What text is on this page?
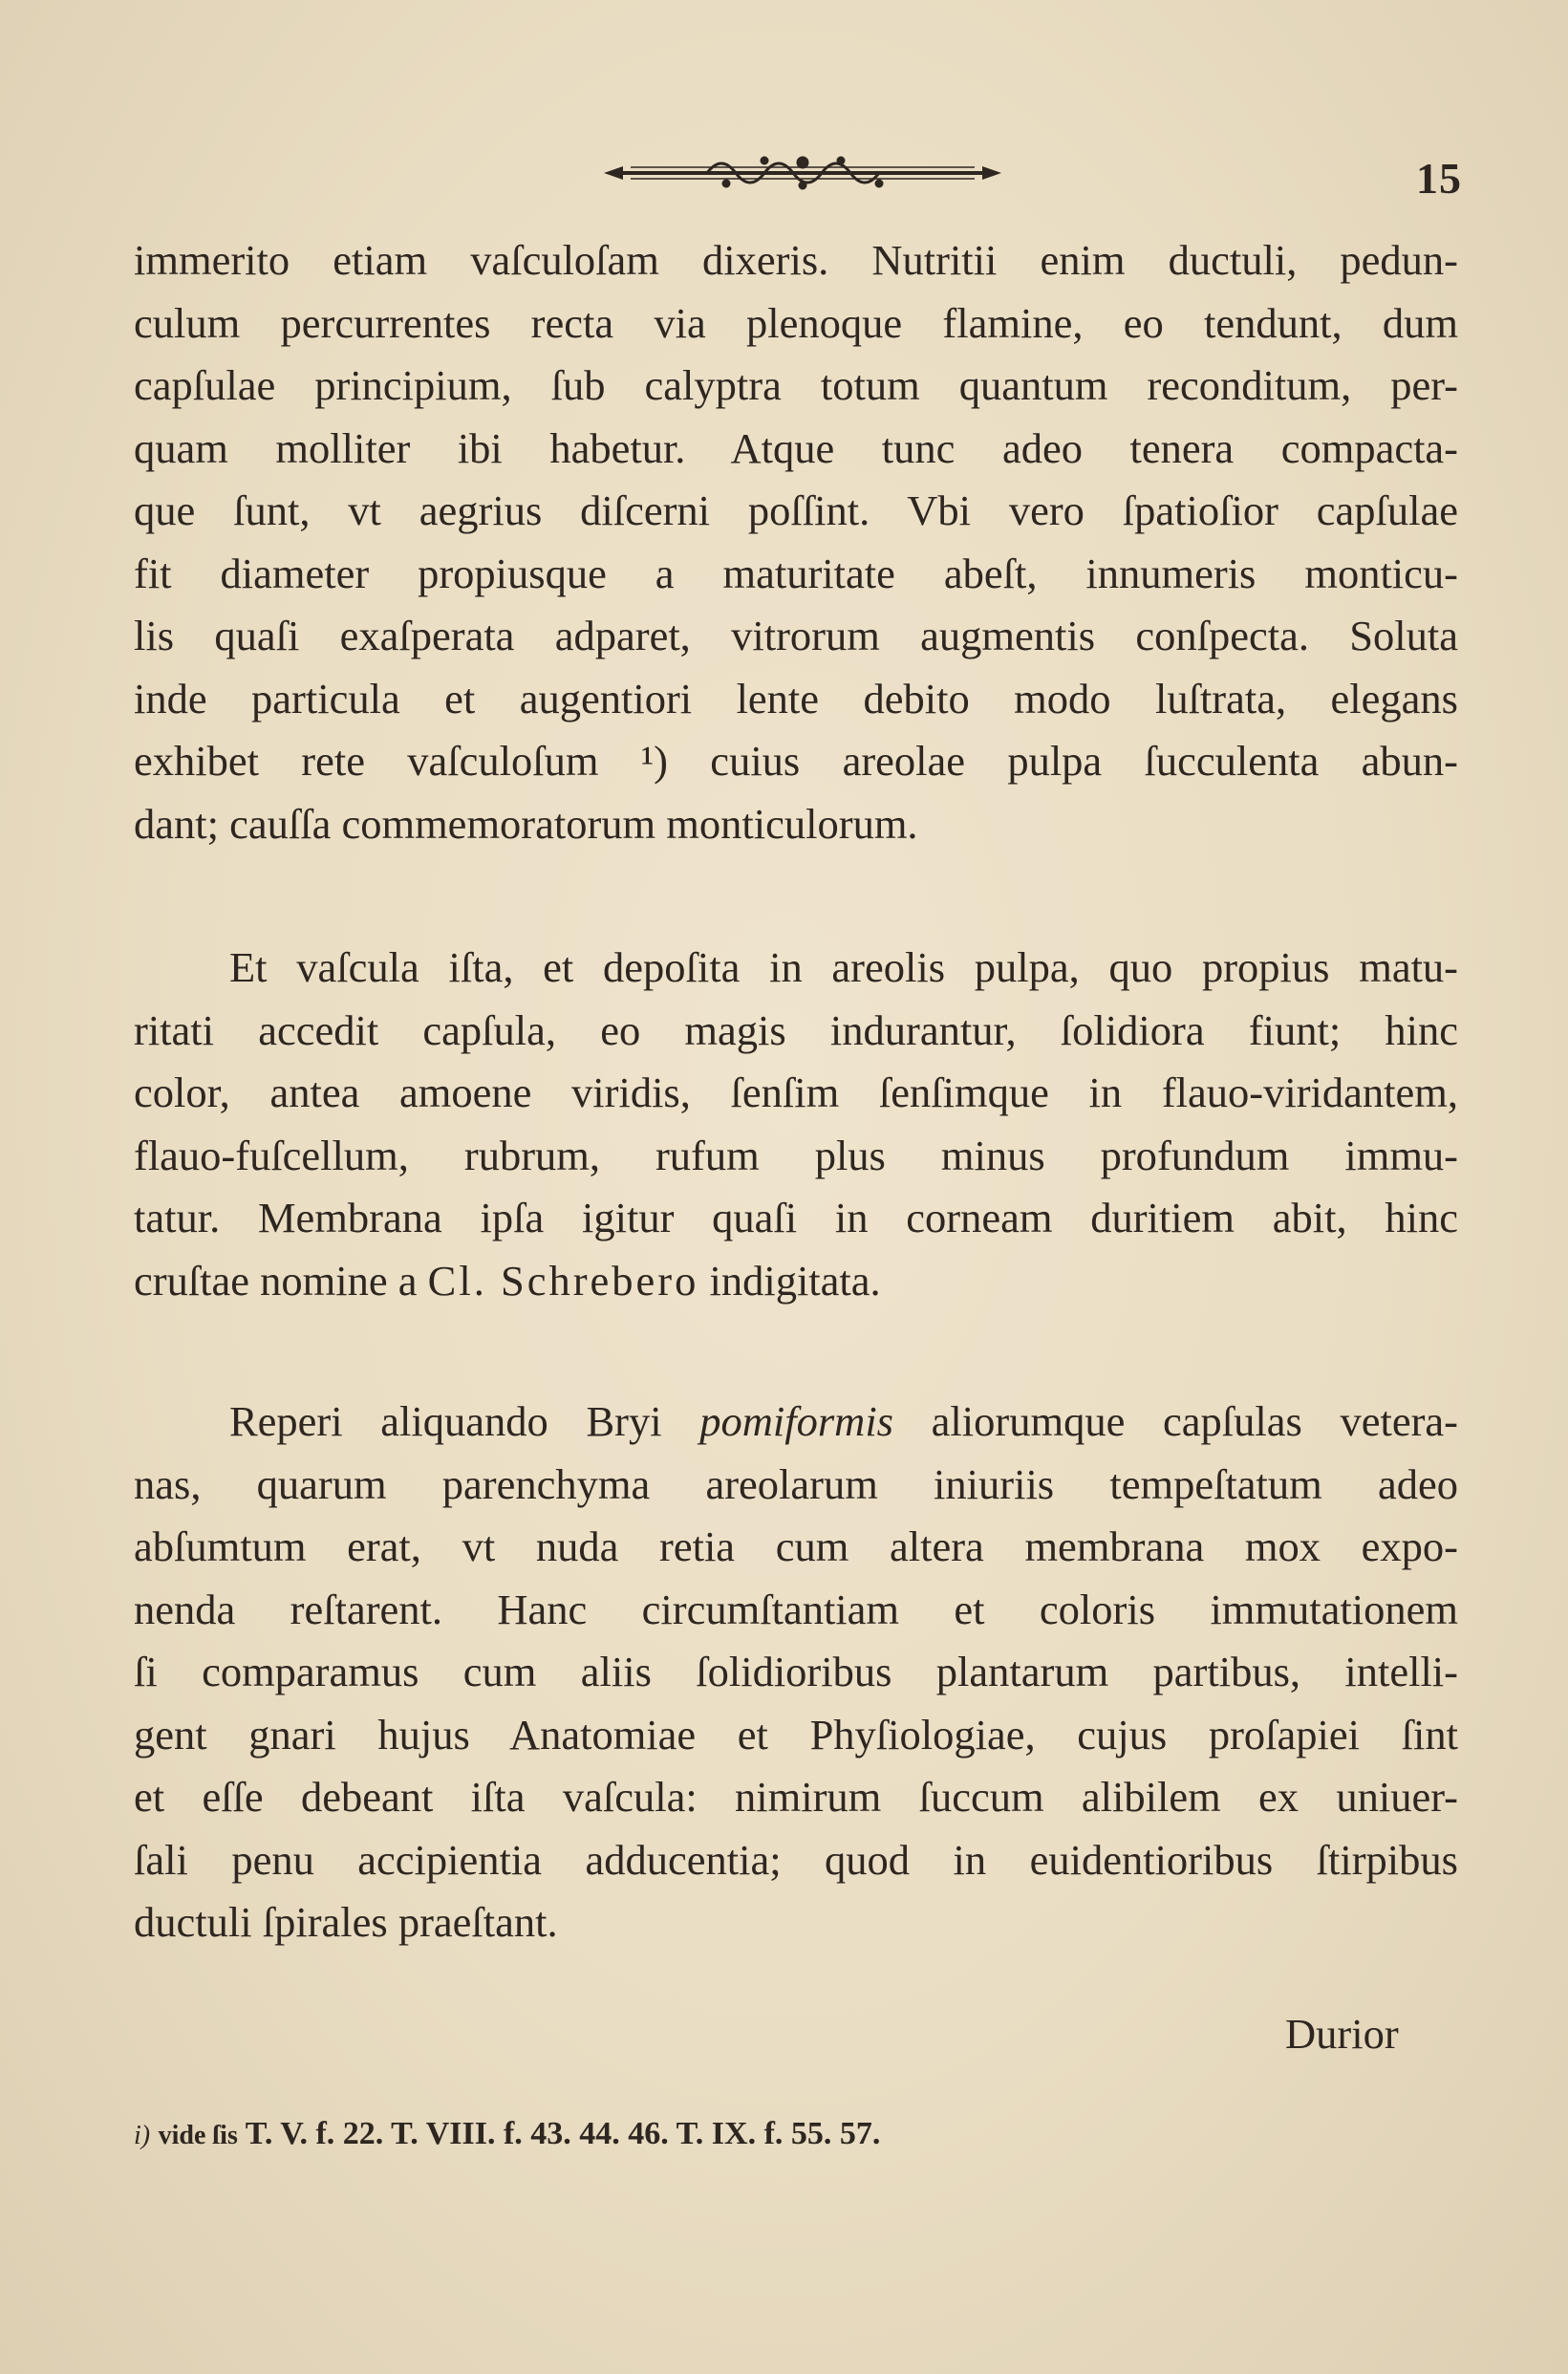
15

immerito etiam vaſculoſam dixeris. Nutritii enim ductuli, pedun-
culum percurrentes recta via plenoque flamine, eo tendunt, dum
capſulae principium, ſub calyptra totum quantum reconditum, per-
quam molliter ibi habetur. Atque tunc adeo tenera compacta-
que ſunt, vt aegrius diſcerni poſſint. Vbi vero ſpatioſior capſulae
fit diameter propiusque a maturitate abeſt, innumeris monticu-
lis quaſi exaſperata adparet, vitrorum augmentis conſpecta. Soluta
inde particula et augentiori lente debito modo luſtrata, elegans
exhibet rete vaſculoſum ¹) cuius areolae pulpa ſucculenta abun-
dant; cauſſa commemoratorum monticulorum.

Et vaſcula iſta, et depoſita in areolis pulpa, quo propius matu-
ritati accedit capſula, eo magis indurantur, ſolidiora fiunt; hinc
color, antea amoene viridis, ſenſim ſenſimque in flauo-viridantem,
flauo-fuſcellum, rubrum, rufum plus minus profundum immu-
tatur. Membrana ipſa igitur quaſi in corneam duritiem abit, hinc
cruſtae nomine a Cl. Schrebero indigitata.

Reperi aliquando Bryi pomiformis aliorumque capſulas vetera-
nas, quarum parenchyma areolarum iniuriis tempeſtatum adeo
abſumtum erat, vt nuda retia cum altera membrana mox expo-
nenda reſtarent. Hanc circumſtantiam et coloris immutationem
ſi comparamus cum aliis ſolidioribus plantarum partibus, intelli-
gent gnari hujus Anatomiae et Phyſiologiae, cujus proſapiei ſint
et eſſe debeant iſta vaſcula: nimirum ſuccum alibilem ex uniuer-
ſali penu accipientia adducentia; quod in euidentioribus ſtirpibus
ductuli ſpirales praeſtant.

Durior
i) vide ſis T. V. f. 22. T. VIII. f. 43. 44. 46. T. IX. f. 55. 57.
